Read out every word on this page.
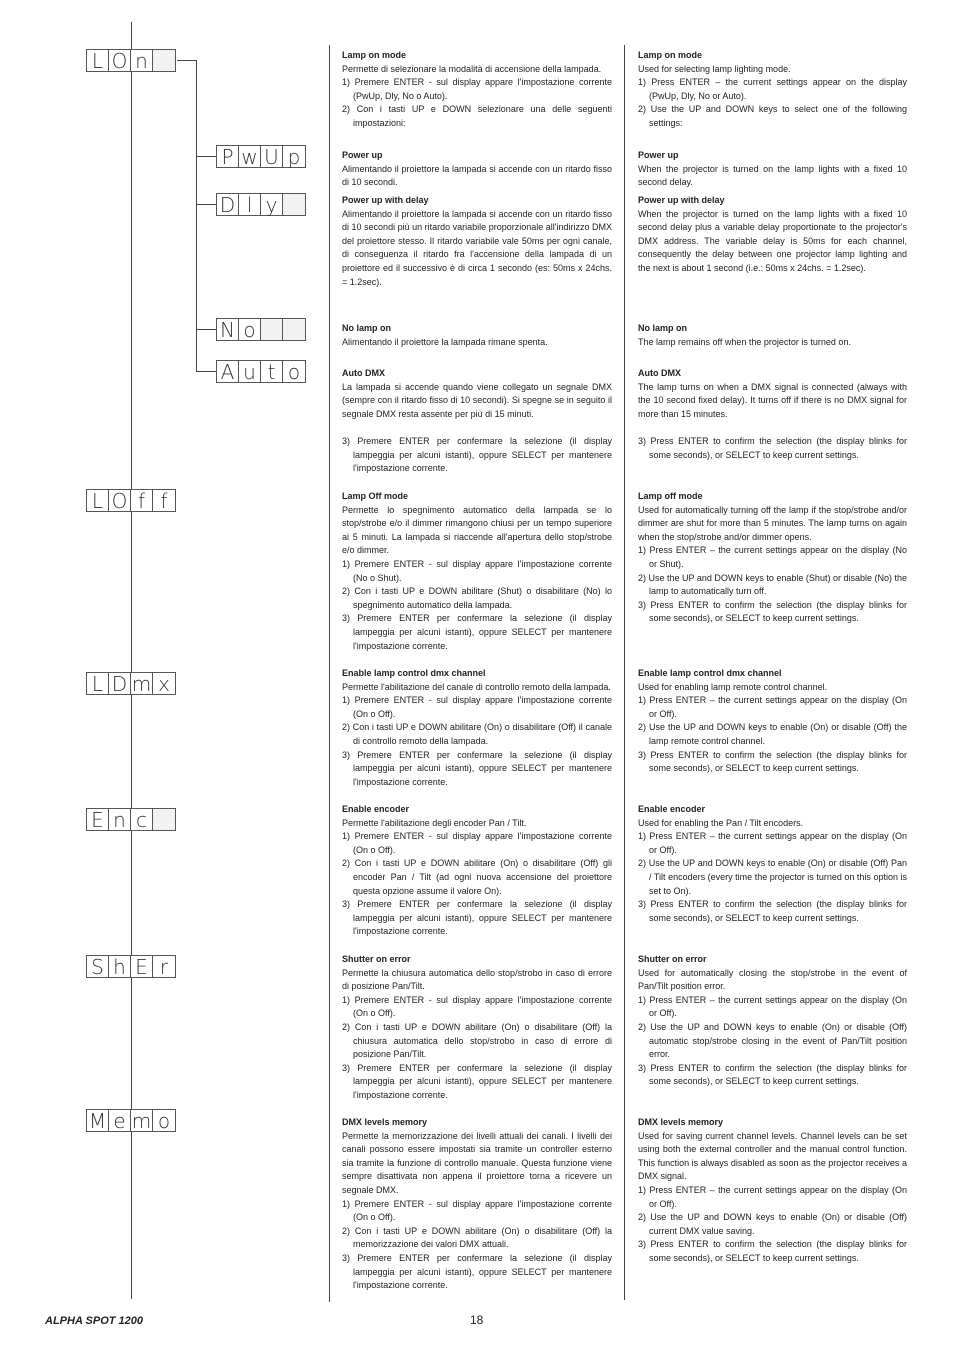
L O n
P w U p
D l y
N o
A u t o
L O f f
L D m x
E n c
S h E r
M e m o
Lamp on mode
Permette di selezionare la modalità di accensione della lampada.
1) Premere ENTER - sul display appare l'impostazione corrente (PwUp, Dly, No o Auto).
2) Con i tasti UP e DOWN selezionare una delle seguenti impostazioni:
Power up
Alimentando il proiettore la lampada si accende con un ritardo fisso di 10 secondi.
Power up with delay
Alimentando il proiettore la lampada si accende con un ritardo fisso di 10 secondi più un ritardo variabile proporzionale all'indirizzo DMX del proiettore stesso. Il ritardo variabile vale 50ms per ogni canale, di conseguenza il ritardo fra l'accensione della lampada di un proiettore ed il successivo è di circa 1 secondo (es: 50ms x 24chs. = 1.2sec).
No lamp on
Alimentando il proiettore la lampada rimane spenta.
Auto DMX
La lampada si accende quando viene collegato un segnale DMX (sempre con il ritardo fisso di 10 secondi). Si spegne se in seguito il segnale DMX resta assente per più di 15 minuti.
3) Premere ENTER per confermare la selezione (il display lampeggia per alcuni istanti), oppure SELECT per mantenere l'impostazione corrente.
Lamp Off mode
Permette lo spegnimento automatico della lampada se lo stop/strobe e/o il dimmer rimangono chiusi per un tempo superiore ai 5 minuti. La lampada si riaccende all'apertura dello stop/strobe e/o dimmer.
1) Premere ENTER - sul display appare l'impostazione corrente (No o Shut).
2) Con i tasti UP e DOWN abilitare (Shut) o disabilitare (No) lo spegnimento automatico della lampada.
3) Premere ENTER per confermare la selezione (il display lampeggia per alcuni istanti), oppure SELECT per mantenere l'impostazione corrente.
Enable lamp control dmx channel
Permette l'abilitazione del canale di controllo remoto della lampada.
1) Premere ENTER - sul display appare l'impostazione corrente (On o Off).
2) Con i tasti UP e DOWN abilitare (On) o disabilitare (Off) il canale di controllo remoto della lampada.
3) Premere ENTER per confermare la selezione (il display lampeggia per alcuni istanti), oppure SELECT per mantenere l'impostazione corrente.
Enable encoder
Permette l'abilitazione degli encoder Pan / Tilt.
1) Premere ENTER - sul display appare l'impostazione corrente (On o Off).
2) Con i tasti UP e DOWN abilitare (On) o disabilitare (Off) gli encoder Pan / Tilt (ad ogni nuova accensione del proiettore questa opzione assume il valore On).
3) Premere ENTER per confermare la selezione (il display lampeggia per alcuni istanti), oppure SELECT per mantenere l'impostazione corrente.
Shutter on error
Permette la chiusura automatica dello stop/strobo in caso di errore di posizione Pan/Tilt.
1) Premere ENTER - sul display appare l'impostazione corrente (On o Off).
2) Con i tasti UP e DOWN abilitare (On) o disabilitare (Off) la chiusura automatica dello stop/strobo in caso di errore di posizione Pan/Tilt.
3) Premere ENTER per confermare la selezione (il display lampeggia per alcuni istanti), oppure SELECT per mantenere l'impostazione corrente.
DMX levels memory
Permette la memorizzazione dei livelli attuali dei canali. I livelli dei canali possono essere impostati sia tramite un controller esterno sia tramite la funzione di controllo manuale. Questa funzione viene sempre disattivata non appena il proiettore torna a ricevere un segnale DMX.
1) Premere ENTER - sul display appare l'impostazione corrente (On o Off).
2) Con i tasti UP e DOWN abilitare (On) o disabilitare (Off) la memorizzazione dei valori DMX attuali.
3) Premere ENTER per confermare la selezione (il display lampeggia per alcuni istanti), oppure SELECT per mantenere l'impostazione corrente.
Lamp on mode
Used for selecting lamp lighting mode.
1) Press ENTER – the current settings appear on the display (PwUp, Dly, No or Auto).
2) Use the UP and DOWN keys to select one of the following settings:
Power up
When the projector is turned on the lamp lights with a fixed 10 second delay.
Power up with delay
When the projector is turned on the lamp lights with a fixed 10 second delay plus a variable delay proportionate to the projector's DMX address. The variable delay is 50ms for each channel, consequently the delay between one projector lamp lighting and the next is about 1 second (i.e.: 50ms x 24chs. = 1.2sec).
No lamp on
The lamp remains off when the projector is turned on.
Auto DMX
The lamp turns on when a DMX signal is connected (always with the 10 second fixed delay). It turns off if there is no DMX signal for more than 15 minutes.
3) Press ENTER to confirm the selection (the display blinks for some seconds), or SELECT to keep current settings.
Lamp off mode
Used for automatically turning off the lamp if the stop/strobe and/or dimmer are shut for more than 5 minutes. The lamp turns on again when the stop/strobe and/or dimmer opens.
1) Press ENTER – the current settings appear on the display (No or Shut).
2) Use the UP and DOWN keys to enable (Shut) or disable (No) the lamp to automatically turn off.
3) Press ENTER to confirm the selection (the display blinks for some seconds), or SELECT to keep current settings.
Enable lamp control dmx channel
Used for enabling lamp remote control channel.
1) Press ENTER – the current settings appear on the display (On or Off).
2) Use the UP and DOWN keys to enable (On) or disable (Off) the lamp remote control channel.
3) Press ENTER to confirm the selection (the display blinks for some seconds), or SELECT to keep current settings.
Enable encoder
Used for enabling the Pan / Tilt encoders.
1) Press ENTER – the current settings appear on the display (On or Off).
2) Use the UP and DOWN keys to enable (On) or disable (Off) Pan / Tilt encoders (every time the projector is turned on this option is set to On).
3) Press ENTER to confirm the selection (the display blinks for some seconds), or SELECT to keep current settings.
Shutter on error
Used for automatically closing the stop/strobe in the event of Pan/Tilt position error.
1) Press ENTER – the current settings appear on the display (On or Off).
2) Use the UP and DOWN keys to enable (On) or disable (Off) automatic stop/strobe closing in the event of Pan/Tilt position error.
3) Press ENTER to confirm the selection (the display blinks for some seconds), or SELECT to keep current settings.
DMX levels memory
Used for saving current channel levels. Channel levels can be set using both the external controller and the manual control function. This function is always disabled as soon as the projector receives a DMX signal.
1) Press ENTER – the current settings appear on the display (On or Off).
2) Use the UP and DOWN keys to enable (On) or disable (Off) current DMX value saving.
3) Press ENTER to confirm the selection (the display blinks for some seconds), or SELECT to keep current settings.
ALPHA SPOT 1200	18
